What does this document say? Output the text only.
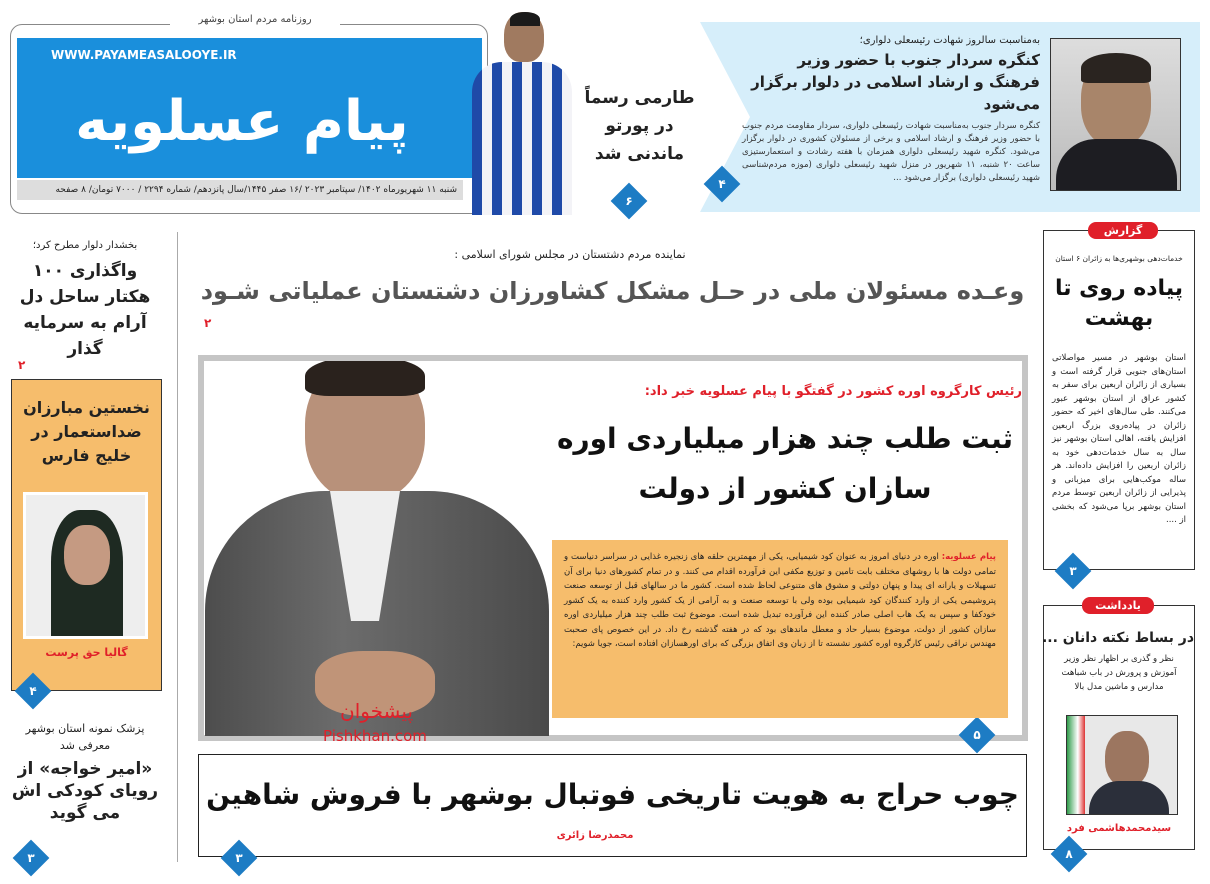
روزنامه مردم استان بوشهر
WWW.PAYAMEASALOOYE.IR
پیام عسلویه
شنبه ۱۱ شهریورماه ۱۴۰۲/ سپتامبر ۲۰۲۳ /۱۶ صفر ۱۴۴۵/سال پانزدهم/ شماره ۲۲۹۴ / ۷۰۰۰ تومان/ ۸ صفحه
طارمی رسماً در پورتو ماندنی شد
۶
به‌مناسبت سالروز شهادت رئیسعلی دلواری؛
کنگره سردار جنوب با حضور وزیر فرهنگ و ارشاد اسلامی در دلوار برگزار می‌شود
کنگره سردار جنوب به‌مناسبت شهادت رئیسعلی دلواری، سردار مقاومت مردم جنوب با حضور وزیر فرهنگ و ارشاد اسلامی و برخی از مسئولان کشوری در دلوار برگزار می‌شود. کنگره شهید رئیسعلی دلواری همزمان با هفته رشادت و استعمارستیزی ساعت ۲۰ شنبه، ۱۱ شهریور در منزل شهید رئیسعلی دلواری (موزه مردم‌شناسی شهید رئیسعلی دلواری) برگزار می‌شود ...
۴
بخشدار دلوار مطرح کرد؛
واگذاری ۱۰۰ هکتار ساحل دل آرام به سرمایه گذار
۲
نخستین مبارزان ضداستعمار در خلیج فارس
گالیا حق پرست
۴
پزشک نمونه استان بوشهر معرفی شد
«امیر خواجه» از رویای کودکی اش می گوید
۳
نماینده مردم دشتستان در مجلس شورای اسلامی :
وعـده مسئولان ملی در حـل مشکل کشاورزان دشتستان عملیاتی شـود
۲
رئیس کارگروه اوره کشور در گفتگو با پیام عسلویه خبر داد:
ثبت طلب چند هزار میلیاردی اوره سازان کشور از دولت
پیام عسلویه: اوره در دنیای امروز به عنوان کود شیمیایی، یکی از مهمترین حلقه های زنجیره غذایی در سراسر دنیاست و تمامی دولت ها با روشهای مختلف بابت تامین و توزیع مکفی این فرآورده اقدام می کنند. و در تمام کشورهای دنیا برای آن تسهیلات و یارانه ای پیدا و پنهان دولتی و مشوق های متنوعی لحاظ شده است. کشور ما در سالهای قبل از توسعه صنعت پتروشیمی یکی از وارد کنندگان کود شیمیایی بوده ولی با توسعه صنعت و به آرامی از یک کشور وارد کننده به یک کشور خودکفا و سپس به یک هاب اصلی صادر کننده این فرآورده تبدیل شده است. موضوع ثبت طلب چند هزار میلیاردی اوره سازان کشور از دولت، موضوع بسیار حاد و معطل ماندهای بود که در هفته گذشته رخ داد. در این خصوص پای صحبت مهندس نراقی رئیس کارگروه اوره کشور نشسته تا از زبان وی اتفاق بزرگی که برای اورهسازان افتاده است، جویا شویم:
۵
پیشخوان
Pishkhan.com
چوب حراج به هویت تاریخی فوتبال بوشهر با فروش شاهین
محمدرضا زائری
۳
گزارش
خدمات‌دهی بوشهری‌ها به زائران ۶ استان
پیاده روی تا بهشت
استان بوشهر در مسیر مواصلاتی استان‌های جنوبی قرار گرفته است و بسیاری از زائران اربعین برای سفر به کشور عراق از استان بوشهر عبور می‌کنند. طی سال‌های اخیر که حضور زائران در پیاده‌روی بزرگ اربعین افزایش یافته، اهالی استان بوشهر نیز سال به سال خدمات‌دهی خود به زائران اربعین را افزایش داده‌اند. هر ساله موکب‌هایی برای میزبانی و پذیرایی از زائران اربعین توسط مردم استان بوشهر برپا می‌شود که بخشی از ....
۳
یادداشت
در بساط نکته دانان ...
نظر و گذری بر اظهار نظر وزیر آموزش و پرورش در باب شباهت مدارس و ماشین مدل بالا
سیدمحمدهاشمی فرد
۸
